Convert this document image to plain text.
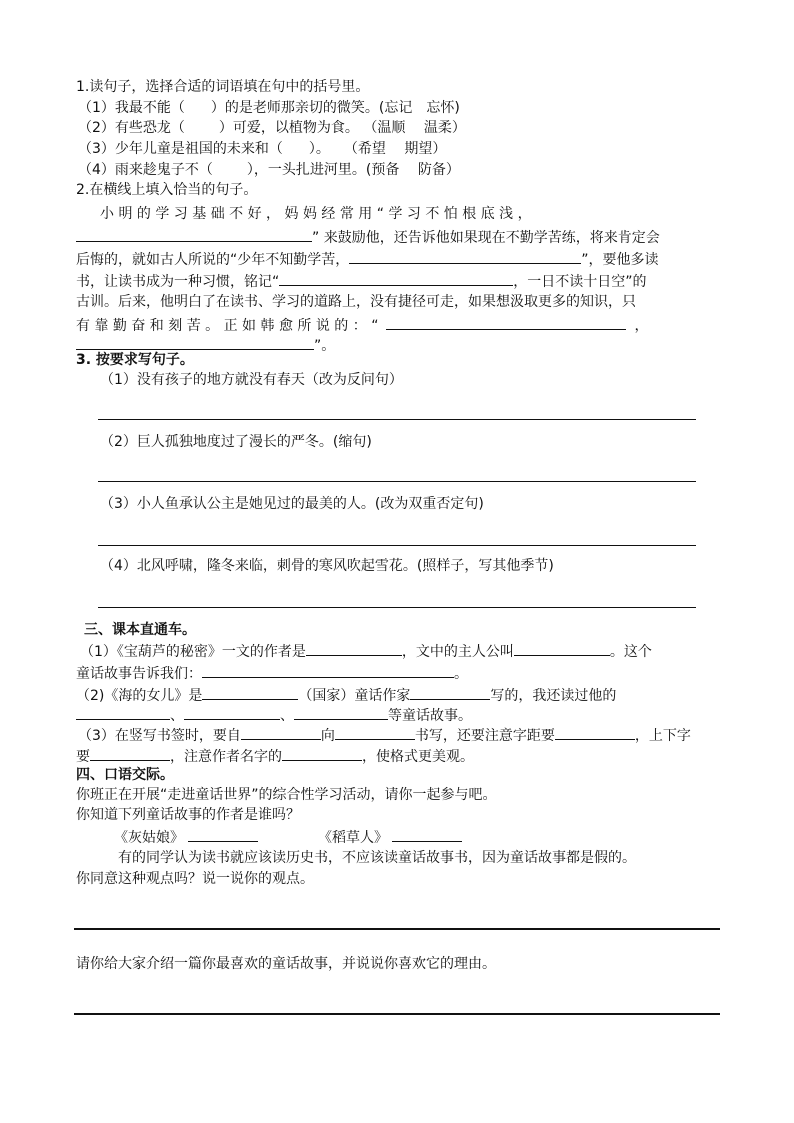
1.读句子，选择合适的词语填在句中的括号里。
（1）我最不能（ ）的是老师那亲切的微笑。(忘记　忘怀)
（2）有些恐龙（ ）可爱，以植物为食。 （温顺　 温柔）
（3）少年儿童是祖国的未来和（ ）。　　（希望　 期望）
（4）雨来趁鬼子不（ ），一头扎进河里。(预备　 防备）
2.在横线上填入恰当的句子。
小 明 的 学 习 基 础 不 好 ， 妈 妈 经 常 用 “ 学 习 不 怕 根 底 浅 ，
” 来鼓励他，还告诉他如果现在不勤学苦练，将来肯定会
后悔的，就如古人所说的“少年不知勤学苦，	”，要他多读
书，让读书成为一种习惯，铭记“	，一日不读十日空”的
古训。后来，他明白了在读书、学习的道路上，没有捷径可走，如果想汲取更多的知识，只
有 靠 勤 奋 和 刻 苦 。 正 如 韩 愈 所 说 的 ： “	，
”。
3. 按要求写句子。
（1）没有孩子的地方就没有春天（改为反问句）
（2）巨人孤独地度过了漫长的严冬。(缩句)
（3）小人鱼承认公主是她见过的最美的人。(改为双重否定句)
（4）北风呼啸，隆冬来临，刺骨的寒风吹起雪花。(照样子，写其他季节)
三、课本直通车。
（1）《宝葫芦的秘密》一文的作者是	，文中的主人公叫	。这个
童话故事告诉我们：	。
（2)《海的女儿》是	（国家）童话作家	写的，我还读过他的
、	、	等童话故事。
（3）在竖写书签时，要自	向	书写，还要注意字距要	，上下字
要	，注意作者名字的	，使格式更美观。
四、口语交际。
你班正在开展“走进童话世界”的综合性学习活动，请你一起参与吧。
你知道下列童话故事的作者是谁吗？
《灰姑娘》	《稻草人》
有的同学认为读书就应该读历史书，不应该读童话故事书，因为童话故事都是假的。
你同意这种观点吗？说一说你的观点。
请你给大家介绍一篇你最喜欢的童话故事，并说说你喜欢它的理由。
